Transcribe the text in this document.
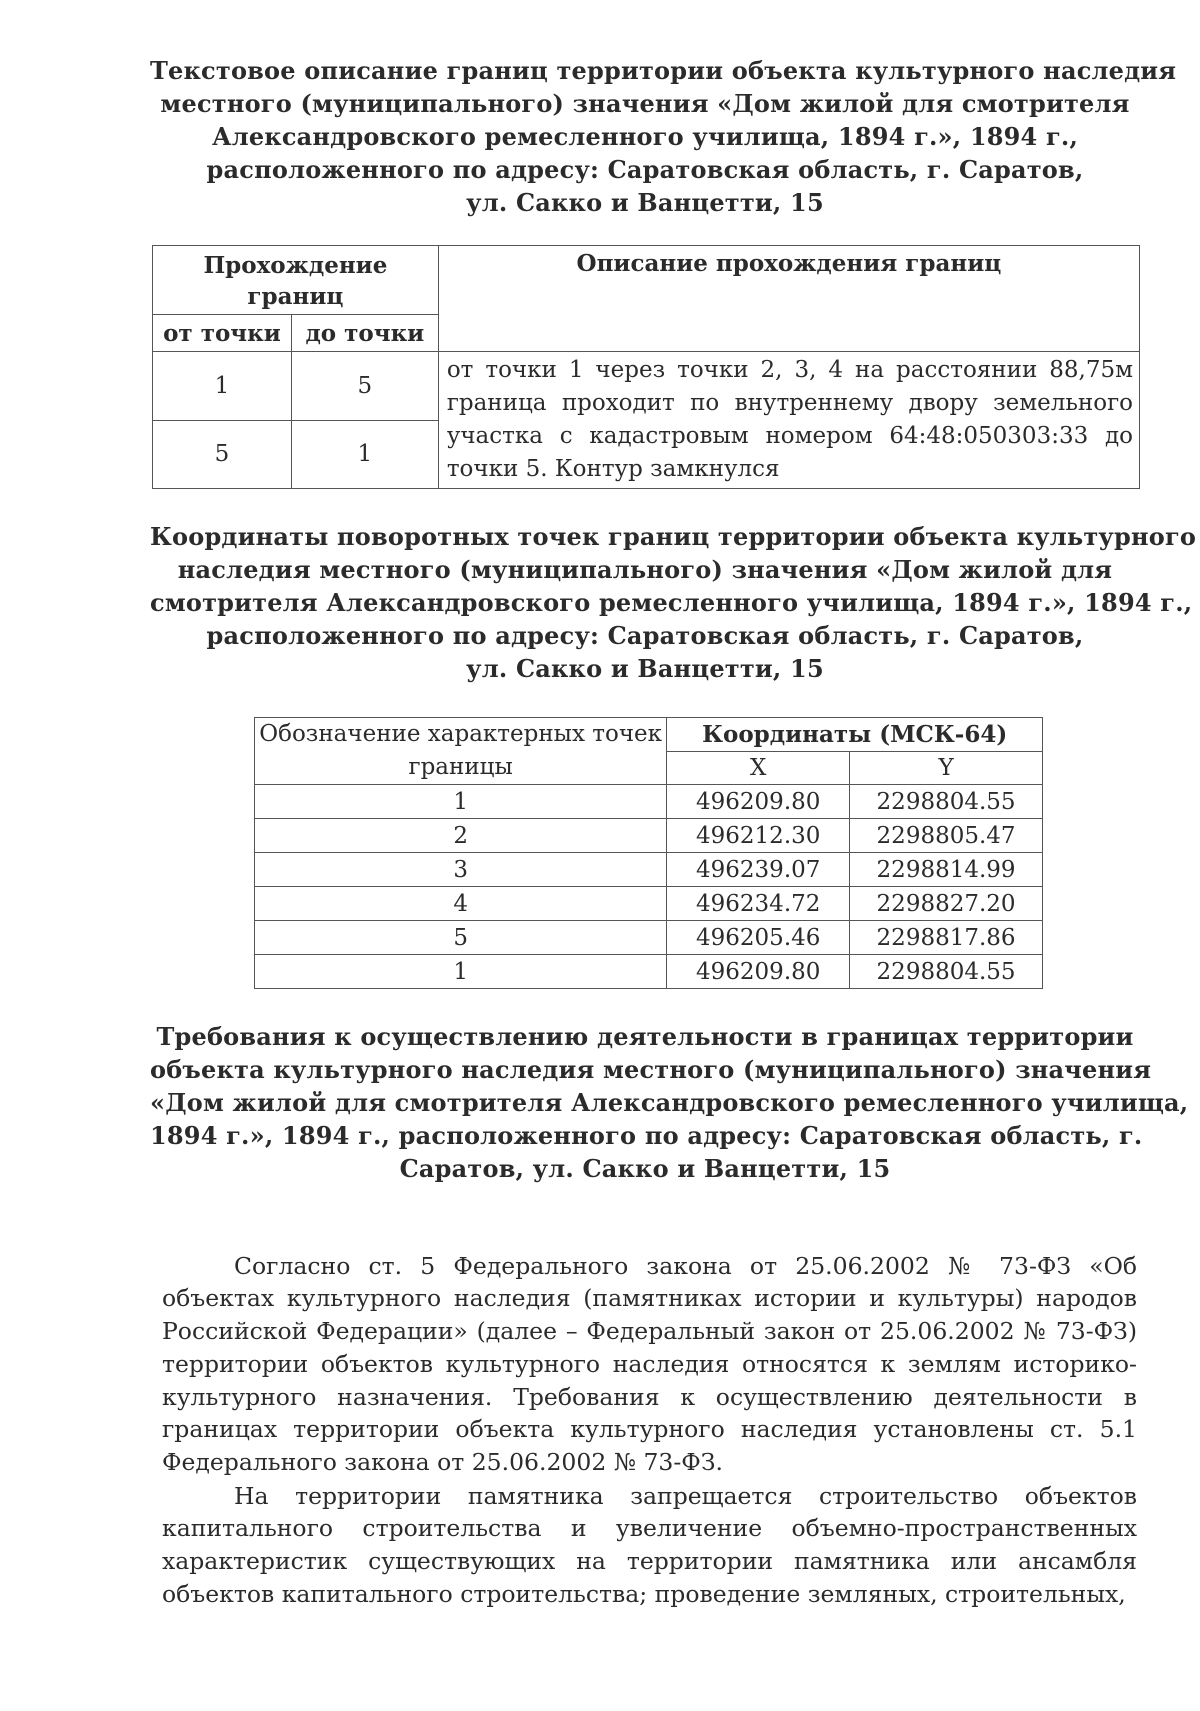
Текстовое описание границ территории объекта культурного наследия
местного (муниципального) значения «Дом жилой для смотрителя
Александровского ремесленного училища, 1894 г.», 1894 г.,
расположенного по адресу: Саратовская область, г. Саратов,
ул. Сакко и Ванцетти, 15
Прохождение границ		Описание прохождения границ
от точки	до точки	
1	5	от точки 1 через точки 2, 3, 4 на расстоянии 88,75м граница проходит по внутреннему двору земельного участка с кадастровым номером 64:48:050303:33 до точки 5. Контур замкнулся
5	1	
Координаты поворотных точек границ территории объекта культурного
наследия местного (муниципального) значения «Дом жилой для
смотрителя Александровского ремесленного училища, 1894 г.», 1894 г.,
расположенного по адресу: Саратовская область, г. Саратов,
ул. Сакко и Ванцетти, 15
Обозначение характерных точек границы	Координаты (МСК-64)	
	X	Y
1	496209.80	2298804.55
2	496212.30	2298805.47
3	496239.07	2298814.99
4	496234.72	2298827.20
5	496205.46	2298817.86
1	496209.80	2298804.55
Требования к осуществлению деятельности в границах территории
объекта культурного наследия местного (муниципального) значения
«Дом жилой для смотрителя Александровского ремесленного училища,
1894 г.», 1894 г., расположенного по адресу: Саратовская область, г.
Саратов, ул. Сакко и Ванцетти, 15

Согласно ст. 5 Федерального закона от 25.06.2002 № 73-ФЗ «Об объектах культурного наследия (памятниках истории и культуры) народов Российской Федерации» (далее – Федеральный закон от 25.06.2002 № 73-ФЗ) территории объектов культурного наследия относятся к землям историко-культурного назначения. Требования к осуществлению деятельности в границах территории объекта культурного наследия установлены ст. 5.1 Федерального закона от 25.06.2002 № 73-ФЗ.

На территории памятника запрещается строительство объектов капитального строительства и увеличение объемно-пространственных характеристик существующих на территории памятника или ансамбля объектов капитального строительства; проведение земляных, строительных,
